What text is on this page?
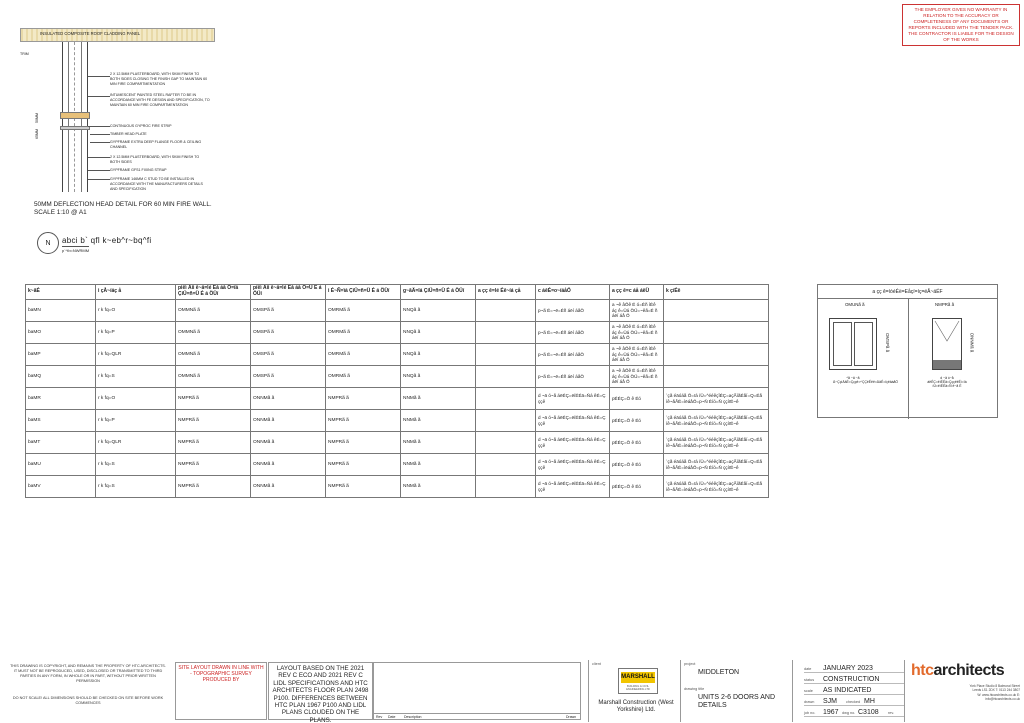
THE EMPLOYER GIVES NO WARRANTY IN RELATION TO THE ACCURACY OR COMPLETENESS OF ANY DOCUMENTS OR REPORTS INCLUDED WITH THE TENDER PACK. THE CONTRACTOR IS LIABLE FOR THE DESIGN OF THE WORKS
INSULATED COMPOSITE ROOF CLADDING PANEL
TRIM
50MM
65MM
2 X 12.5MM PLASTERBOARD, WITH SKIM FINISH TO BOTH SIDES CLOSING THE FINISH GAP TO MAINTAIN 60 MIN FIRE COMPARTMENTATION
INTUMESCENT PAINTED STEEL RAFTER TO BE IN ACCORDANCE WITH FE DESIGN AND SPECIFICATION, TO MAINTAIN 60 MIN FIRE COMPARTMENTATION
CONTINUOUS GYPROC FIRE STRIP
TIMBER HEAD PLATE
GYPFRAME EXTRA DEEP FLANGE FLOOR & CEILING CHANNEL
2 X 12.5MM PLASTERBOARD, WITH SKIM FINISH TO BOTH SIDES
GYPFRAME GFS1 FIXING STRAP
GYPFRAME 146MM C STUD TO BE INSTALLED IN ACCORDANCE WITH THE MANUFACTURERS DETAILS AND SPECIFICATION
50MM DEFLECTION HEAD DETAIL FOR 60 MIN FIRE WALL.
SCALE 1:10 @ A1
N	abci b` qfl k~eb^r~bq^fi
p`^ib=NWRMM
k~ãÉ	i çÅ~íáç å	piêì Åíì ê~ä=lé Éå áå Ö=ïá ÇíÜ=ñ=Ü É á ÖÜí	píêì Åíì ê~ä=lé Éå áå Ö=Ü É á ÖÜí	i É~Ñ=ïá ÇíÜ=ñ=Ü É á ÖÜí	g~ãÄ=ïá ÇíÜ=ñ=Ü É á ÖÜí	a çç ê=lé Éê~íá çå	c áêÉ=o~íáåÖ	a çç ê=c áå áëÜ	k çíÉë
baMN	r k fq=O	OMMNã ã	OMSPã ã	OMRMã ã	NNQã ã		p~ã É=~ë=Éñ áëí áåÖ	a ~ê âÖê É ó=Éñ íÉê áç ê=Üá ÖÜ=~êã=É ñ áëí áå Ö	
baMO	r k fq=P	OMMNã ã	OMSPã ã	OMRMã ã	NNQã ã		p~ã É=~ë=Éñ áëí áåÖ	a ~ê âÖê É ó=Éñ íÉê áç ê=Üá ÖÜ=~êã=É ñ áëí áå Ö	
baMP	r k fq=QLR	OMMNã ã	OMSPã ã	OMRMã ã	NNQã ã		p~ã É=~ë=Éñ áëí áåÖ	a ~ê âÖê É ó=Éñ íÉê áç ê=Üá ÖÜ=~êã=É ñ áëí áå Ö	
baMQ	r k fq=S	OMMNã ã	OMSPã ã	OMRMã ã	NNQã ã		p~ã É=~ë=Éñ áëí áåÖ	a ~ê âÖê É ó=Éñ íÉê áç ê=Üá ÖÜ=~êã=É ñ áëí áå Ö	
baMR	r k fq=O	NMPRã ã	ONNMã ã	NMPRã ã	NNMã ã		d ~ä ó~å áëÉÇ=ëíÉÉä=Ñá êÉ=Ç ççê	pÉÉÇ=Ö ê Éó	`çã éäóáå Ö=ïá íÜ=^ééêçîÉÇ=açÅìãÉåí=Q=Éå íê~åÅÉ=ìëáåÖ=p~Ñ Éíó=Ñ ççíïÉ~ê
baMS	r k fq=P	NMPRã ã	ONNMã ã	NMPRã ã	NNMã ã		d ~ä ó~å áëÉÇ=ëíÉÉä=Ñá êÉ=Ç ççê	pÉÉÇ=Ö ê Éó	`çã éäóáå Ö=ïá íÜ=^ééêçîÉÇ=açÅìãÉåí=Q=Éå íê~åÅÉ=ìëáåÖ=p~Ñ Éíó=Ñ ççíïÉ~ê
baMT	r k fq=QLR	NMPRã ã	ONNMã ã	NMPRã ã	NNMã ã		d ~ä ó~å áëÉÇ=ëíÉÉä=Ñá êÉ=Ç ççê	pÉÉÇ=Ö ê Éó	`çã éäóáå Ö=ïá íÜ=^ééêçîÉÇ=açÅìãÉåí=Q=Éå íê~åÅÉ=ìëáåÖ=p~Ñ Éíó=Ñ ççíïÉ~ê
baMU	r k fq=S	NMPRã ã	ONNMã ã	NMPRã ã	NNMã ã		d ~ä ó~å áëÉÇ=ëíÉÉä=Ñá êÉ=Ç ççê	pÉÉÇ=Ö ê Éó	`çã éäóáå Ö=ïá íÜ=^ééêçîÉÇ=açÅìãÉåí=Q=Éå íê~åÅÉ=ìëáåÖ=p~Ñ Éíó=Ñ ççíïÉ~ê
baMV	r k fq=S	NMPRã ã	ONNMã ã	NMPRã ã	NNMã ã		d ~ä ó~å áëÉÇ=ëíÉÉä=Ñá êÉ=Ç ççê	pÉÉÇ=Ö ê Éó	`çã éäóáå Ö=ïá íÜ=^ééêçîÉÇ=açÅìãÉåí=Q=Éå íê~åÅÉ=ìëáåÖ=p~Ñ Éíó=Ñ ççíïÉ~ê
a çç ê=íóéÉë=Eåçí=íç=ëÅ~äÉF
OMUNã ã
OMSPã ã
NMPRã ã
ONNMã ã
^ã ~ä ~ã Ä~ÇçìÄäÉ=Çççê=^ÇÇêÉëë=ÄäÉ=ïçêâáåÖ
d ~ä ó~å áëÉÇ=ëíÉÉä=ÇççêëÉí=ïá íÜ=ëíÉÉä=Ñ ê~ã É
THIS DRAWING IS COPYRIGHT, AND REMAINS THE PROPERTY OF HTC ARCHITECTS. IT MUST NOT BE REPRODUCED, USED, DISCLOSED OR TRANSMITTED TO THIRD PARTIES IN ANY FORM, IN WHOLE OR IN PART, WITHOUT PRIOR WRITTEN PERMISSION
DO NOT SCALE! ALL DIMENSIONS SHOULD BE CHECKED ON SITE BEFORE WORK COMMENCES
SITE LAYOUT DRAWN IN LINE WITH - TOPOGRAPHIC SURVEY PRODUCED BY
LAYOUT BASED ON THE 2021 REV C ECO AND 2021 REV C LIDL SPECIFICATIONS AND HTC ARCHITECTS FLOOR PLAN 2498 P100. DIFFERENCES BETWEEN HTC PLAN 1967 P100 AND LIDL PLANS CLOUDED ON THE PLANS.	Rev Date Description	Drawn
client
MARSHALL
BUILDING & CIVIL ENGINEERING LTD
Marshall Construction (West Yorkshire) Ltd.
project
MIDDLETON
drawing title
UNITS 2-6 DOORS AND DETAILS
date JANUARY 2023
status CONSTRUCTION
scale AS INDICATED
drawn SJM checked MH
job no. 1967 dwg no. C3108 rev.
htcarchitects
York Place Studio 8 Balmoral Street Leeds LS1 2DX T: 0113 244 3807 W: www.htcarchitects.co.uk E: info@htcarchitects.co.uk
